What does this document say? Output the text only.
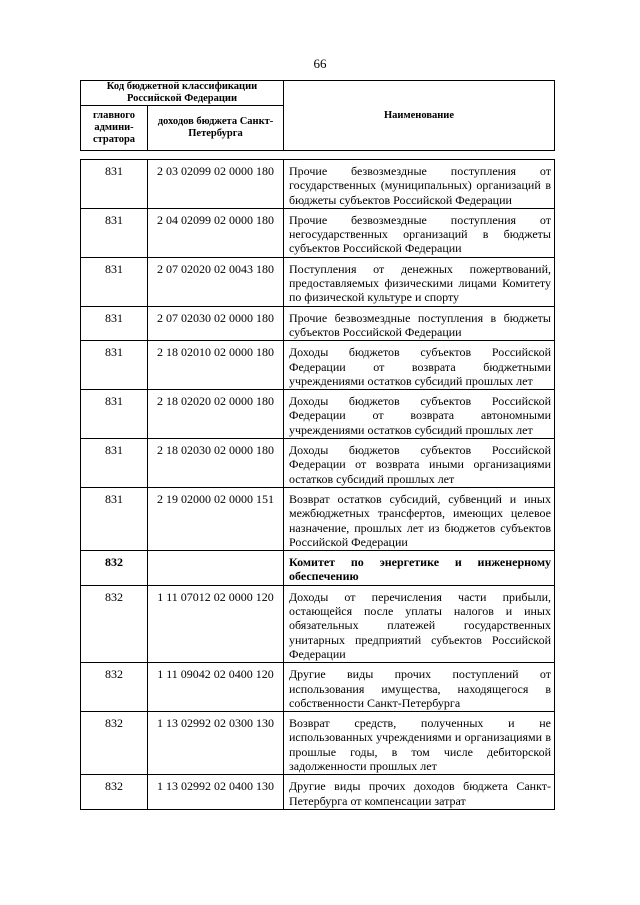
66
Код бюджетной классификации Российской Федерации		Наименование
главного админи-стратора	доходов бюджета Санкт-Петербурга	
831	2 03 02099 02 0000 180	Прочие безвозмездные поступления от государственных (муниципальных) организаций в бюджеты субъектов Российской Федерации
831	2 04 02099 02 0000 180	Прочие безвозмездные поступления от негосударственных организаций в бюджеты субъектов Российской Федерации
831	2 07 02020 02 0043 180	Поступления от денежных пожертвований, предоставляемых физическими лицами Комитету по физической культуре и спорту
831	2 07 02030 02 0000 180	Прочие безвозмездные поступления в бюджеты субъектов Российской Федерации
831	2 18 02010 02 0000 180	Доходы бюджетов субъектов Российской Федерации от возврата бюджетными учреждениями остатков субсидий прошлых лет
831	2 18 02020 02 0000 180	Доходы бюджетов субъектов Российской Федерации от возврата автономными учреждениями остатков субсидий прошлых лет
831	2 18 02030 02 0000 180	Доходы бюджетов субъектов Российской Федерации от возврата иными организациями остатков субсидий прошлых лет
831	2 19 02000 02 0000 151	Возврат остатков субсидий, субвенций и иных межбюджетных трансфертов, имеющих целевое назначение, прошлых лет из бюджетов субъектов Российской Федерации
832		Комитет по энергетике и инженерному обеспечению
832	1 11 07012 02 0000 120	Доходы от перечисления части прибыли, остающейся после уплаты налогов и иных обязательных платежей государственных унитарных предприятий субъектов Российской Федерации
832	1 11 09042 02 0400 120	Другие виды прочих поступлений от использования имущества, находящегося в собственности Санкт-Петербурга
832	1 13 02992 02 0300 130	Возврат средств, полученных и не использованных учреждениями и организациями в прошлые годы, в том числе дебиторской задолженности прошлых лет
832	1 13 02992 02 0400 130	Другие виды прочих доходов бюджета Санкт-Петербурга от компенсации затрат
